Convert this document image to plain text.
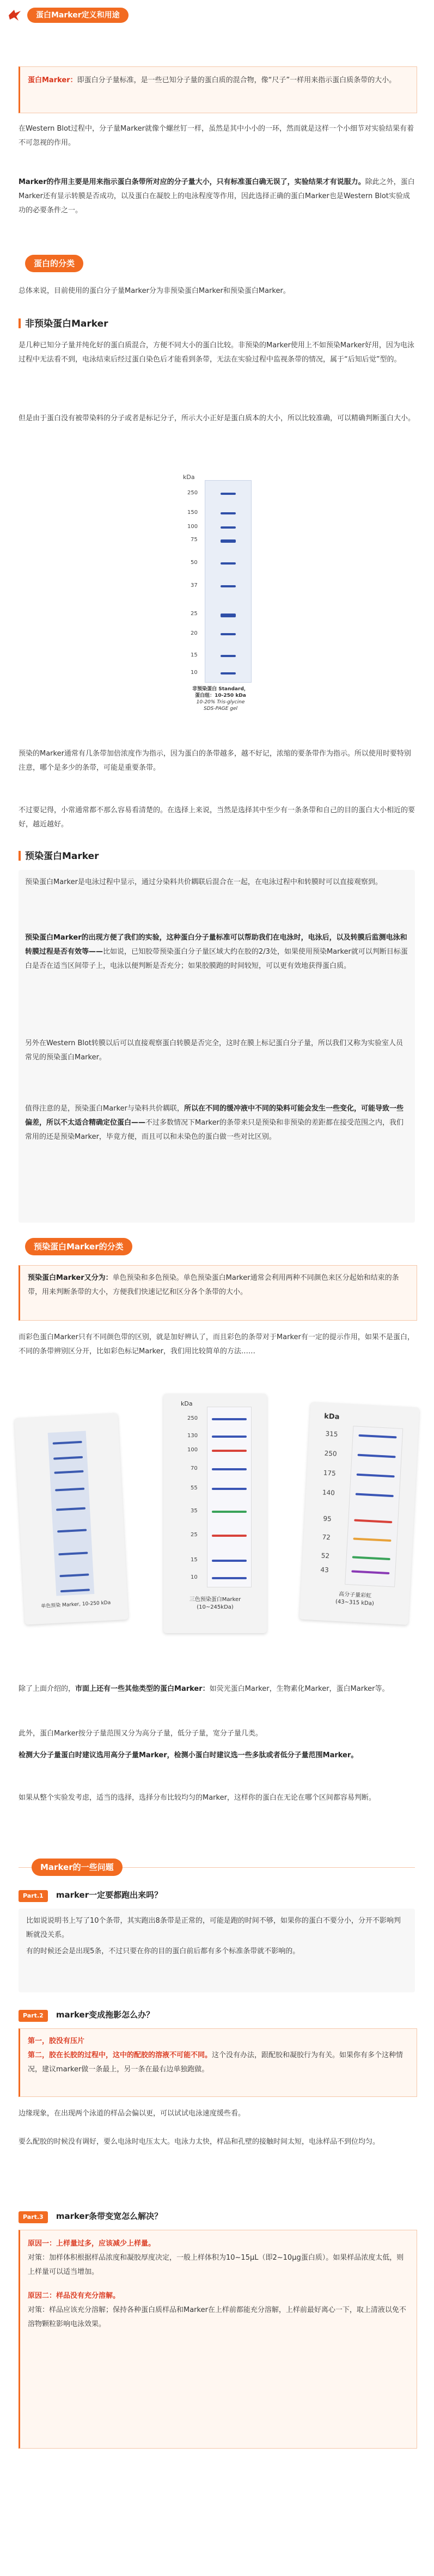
蛋白Marker定义和用途
蛋白Marker：即蛋白分子量标准，是一些已知分子量的蛋白质的混合物，像“尺子”一样用来指示蛋白质条带的大小。
在Western Blot过程中，分子量Marker就像个螺丝钉一样，虽然是其中小小的一环，然而就是这样一个小细节对实验结果有着不可忽视的作用。
Marker的作用主要是用来指示蛋白条带所对应的分子量大小，只有标准蛋白确无误了，实验结果才有说服力。除此之外，蛋白Marker还有显示转膜是否成功，以及蛋白在凝胶上的电泳程度等作用，因此选择正确的蛋白Marker也是Western Blot实验成功的必要条件之一。
蛋白的分类
总体来说，目前使用的蛋白分子量Marker分为非预染蛋白Marker和预染蛋白Marker。
非预染蛋白Marker
是几种已知分子量并纯化好的蛋白质混合，方便不同大小的蛋白比较。非预染的Marker使用上不如预染Marker好用，因为电泳过程中无法看不到，电泳结束后经过蛋白染色后才能看到条带，无法在实验过程中监视条带的情况，属于“后知后觉”型的。
但是由于蛋白没有被带染料的分子或者是标记分子，所示大小正好是蛋白质本的大小，所以比较准确，可以精确判断蛋白大小。
kDa
250
150
100
75
50
37
25
20
15
10
非预染蛋白 Standard，
蛋白组：10-250 kDa
10-20% Tris-glycine
SDS-PAGE gel
预染的Marker通常有几条带加倍浓度作为指示，因为蛋白的条带越多，越不好记，浓缩的要条带作为指示。所以使用时要特别注意，哪个是多少的条带，可能是重要条带。
不过要记得，小常通常都不那么容易看清楚的。在选择上来说，当然是选择其中至少有一条条带和自己的目的蛋白大小相近的要好，越近越好。
预染蛋白Marker
预染蛋白Marker是电泳过程中显示，通过分染料共价耦联后混合在一起，在电泳过程中和转膜时可以直接观察到。
预染蛋白Marker的出现方便了我们的实验，这种蛋白分子量标准可以帮助我们在电泳时，电泳后，以及转膜后监测电泳和转膜过程是否有效等——比如说，已知胶带预染蛋白分子量区域大约在胶的2/3处，如果使用预染Marker就可以判断目标蛋白是否在适当区间带子上，电泳以便判断是否充分；如果胶膜跑的时间较短，可以更有效地获得蛋白质。
另外在Western Blot转膜以后可以直接观察蛋白转膜是否完全，这时在膜上标记蛋白分子量，所以我们又称为实验室人员常见的预染蛋白Marker。
值得注意的是，预染蛋白Marker与染料共价耦联，所以在不同的缓冲液中不同的染料可能会发生一些变化，可能导致一些偏差，所以不太适合精确定位蛋白——不过多数情况下Marker的条带来只是预染和非预染的差距都在接受范围之内，我们常用的还是预染Marker，毕竟方便，而且可以和未染色的蛋白做一些对比区别。
预染蛋白Marker的分类
预染蛋白Marker又分为：单色预染和多色预染。单色预染蛋白Marker通常会利用两种不同颜色来区分起始和结束的条带，用来判断条带的大小，方便我们快速记忆和区分各个条带的大小。
而彩色蛋白Marker只有不同颜色带的区别，就是加好辨认了，而且彩色的条带对于Marker有一定的提示作用，如果不是蛋白，不同的条带辨别区分开，比如彩色标记Marker，我们用比较简单的方法……
单色预染 Marker, 10-250 kDa
kDa
250
130
100
70
55
35
25
15
10
三色预染蛋白Marker
(10~245kDa)
kDa
315
250
175
140
95
72
52
43
高分子量彩虹
(43~315 kDa)
除了上面介绍的，市面上还有一些其他类型的蛋白Marker：如荧光蛋白Marker，生物素化Marker，蛋白Marker等。
此外，蛋白Marker按分子量范围又分为高分子量，低分子量，宽分子量几类。
检测大分子量蛋白时建议选用高分子量Marker，检测小蛋白时建议选一些多肽或者低分子量范围Marker。
如果从整个实验发考虑，适当的选择，选择分布比较均匀的Marker，这样你的蛋白在无论在哪个区间都容易判断。
Marker的一些问题
Part.1 marker一定要都跑出来吗？
比如说说明书上写了10个条带，其实跑出8条带是正常的，可能是跑的时间不够，如果你的蛋白不要分小，分开不影响判断就没关系。
有的时候还会是出现5条，不过只要在你的目的蛋白前后都有多个标准条带就不影响的。
Part.2 marker变成拖影怎么办？
第一，胶没有压片
第二，胶在长胶的过程中，这中的配胶的溶液不可能不同。这个没有办法，跟配胶和凝胶行为有关。如果你有多个这种情况，建议marker做一条最上，另一条在最右边单独跑做。
边缘现象，在出现两个泳道的样品会偏以更，可以试试电泳速度缓些看。
要么配胶的时候没有调好，要么电泳时电压太大。电泳力太快，样品和孔壁的接触时间太短，电泳样品不到位均匀。
Part.3 marker条带变宽怎么解决？
原因一：上样量过多，应该减少上样量。
对策：加样体积根据样品浓度和凝胶厚度决定，一般上样体积为10~15μL（即2~10μg蛋白质）。如果样品浓度太低，则上样量可以适当增加。
原因二：样品没有充分溶解。
对策：样品应该充分溶解；保持各种蛋白质样品和Marker在上样前都能充分溶解，上样前最好离心一下，取上清液以免不溶物颗粒影响电泳效果。
